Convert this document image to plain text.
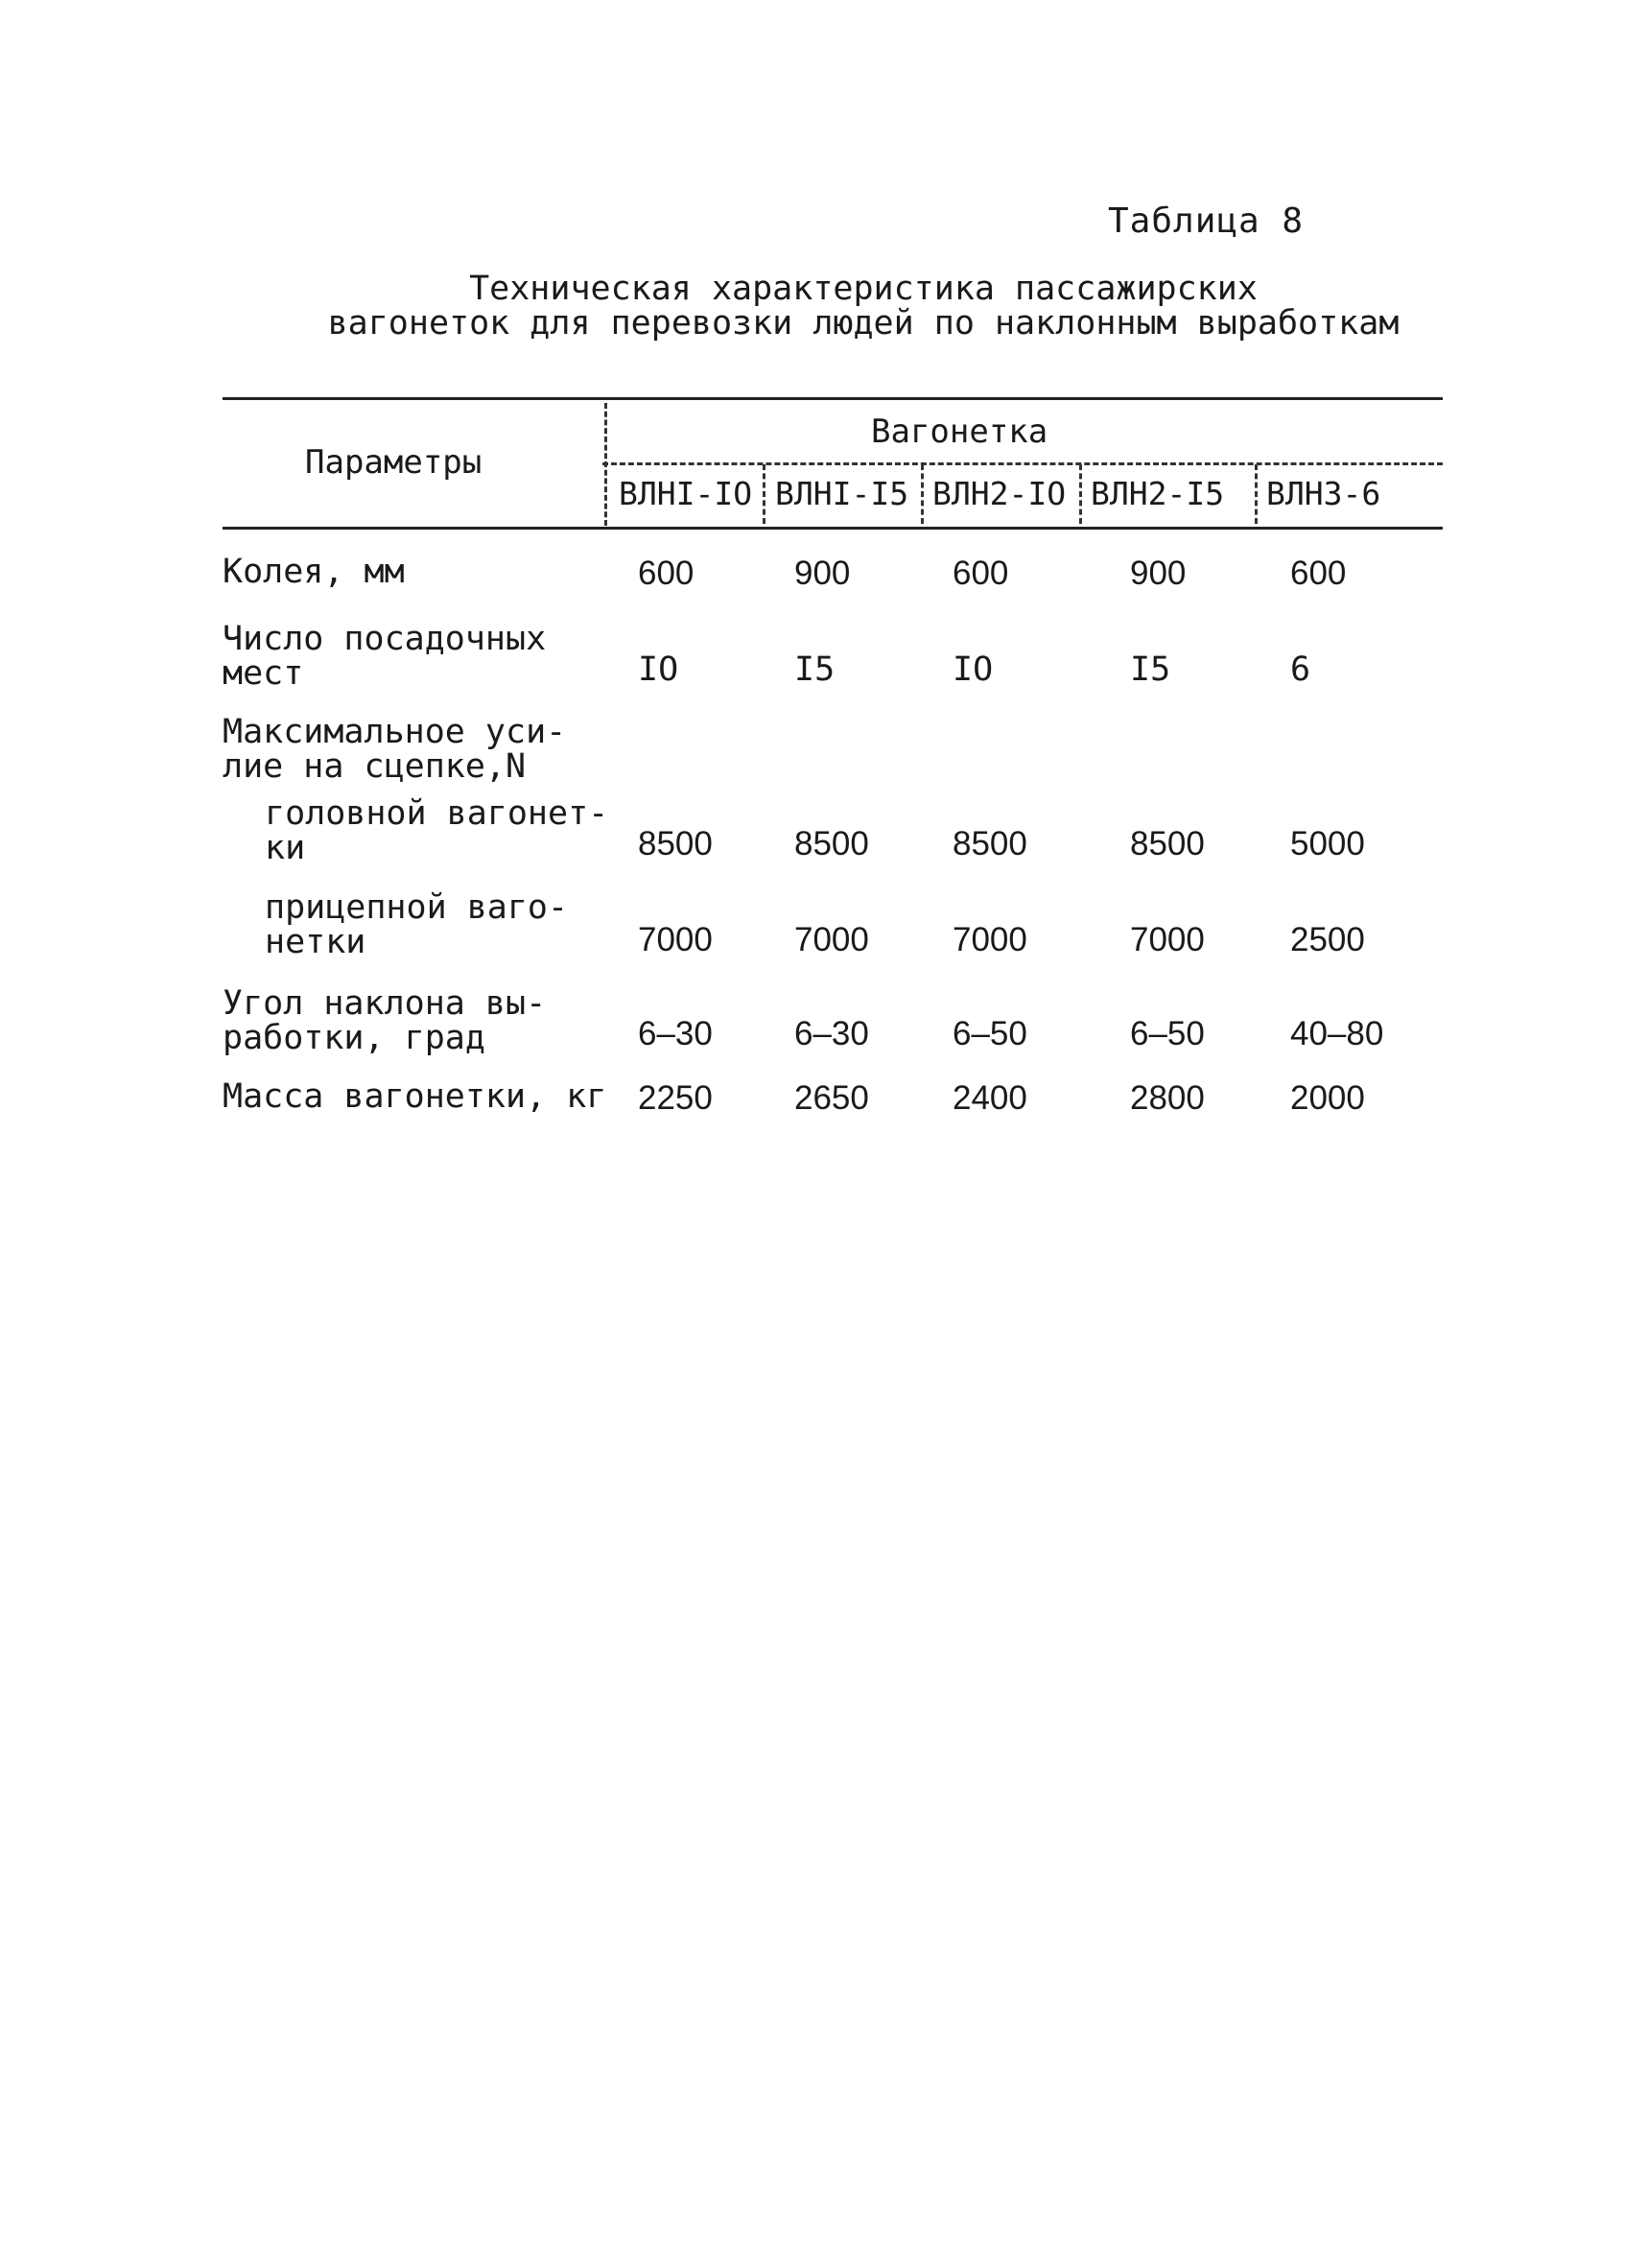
Таблица 8
Техническая характеристика пассажирских
вагонеток для перевозки людей по наклонным выработкам
Параметры
Вагонетка
ВЛНI-IО ВЛНI-I5 ВЛН2-IО ВЛН2-I5 ВЛН3-6
Колея, мм	600	900	600	900	600
Число посадочных
мест	IО	I5	IО	I5	6
Максимальное уси-
лие на сцепке,N
головной вагонет-
ки	8500 8500 8500	8500	5000
прицепной ваго-
нетки	7000 7000 7000	7000	2500
Угол наклона вы-
работки, град	6–30 6–30 6–50	6–50	40–80
Масса вагонетки, кг 2250 2650 2400	2800	2000
